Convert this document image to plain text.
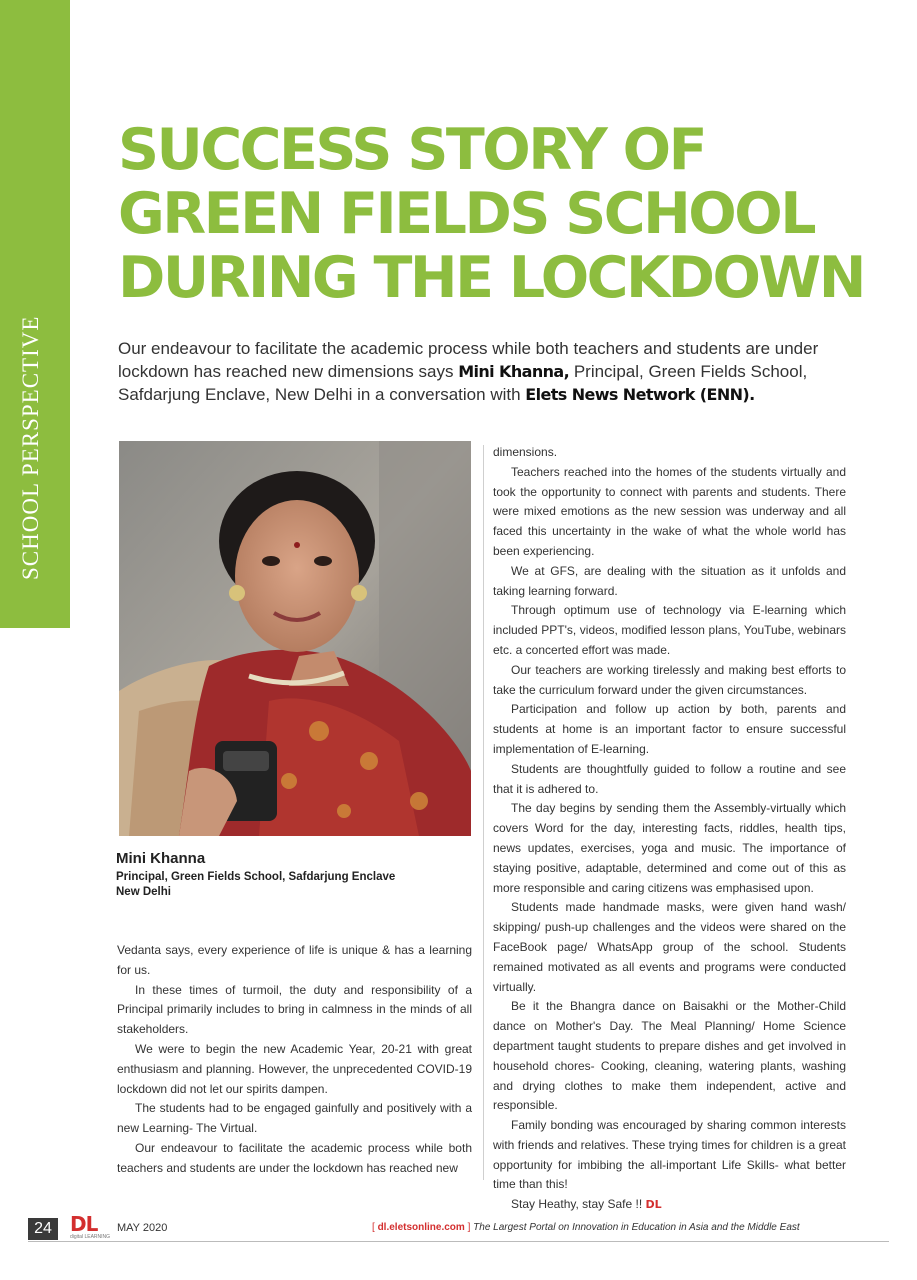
SCHOOL PERSPECTIVE
SUCCESS STORY OF
GREEN FIELDS SCHOOL
DURING THE LOCKDOWN

Our endeavour to facilitate the academic process while both teachers and students are under lockdown has reached new dimensions says Mini Khanna, Principal, Green Fields School, Safdarjung Enclave, New Delhi in a conversation with Elets News Network (ENN).

Mini Khanna
Principal, Green Fields School, Safdarjung Enclave
New Delhi

Vedanta says, every experience of life is unique & has a learning for us.

In these times of turmoil, the duty and responsibility of a Principal primarily includes to bring in calmness in the minds of all stakeholders.

We were to begin the new Academic Year, 20-21 with great enthusiasm and planning. However, the unprecedented COVID-19 lockdown did not let our spirits dampen.

The students had to be engaged gainfully and positively with a new Learning- The Virtual.

Our endeavour to facilitate the academic process while both teachers and students are under the lockdown has reached new

dimensions.

Teachers reached into the homes of the students virtually and took the opportunity to connect with parents and students. There were mixed emotions as the new session was underway and all faced this uncertainty in the wake of what the whole world has been experiencing.

We at GFS, are dealing with the situation as it unfolds and taking learning forward.

Through optimum use of technology via E-learning which included PPT's, videos, modified lesson plans, YouTube, webinars etc. a concerted effort was made.

Our teachers are working tirelessly and making best efforts to take the curriculum forward under the given circumstances.

Participation and follow up action by both, parents and students at home is an important factor to ensure successful implementation of E-learning.

Students are thoughtfully guided to follow a routine and see that it is adhered to.

The day begins by sending them the Assembly-virtually which covers Word for the day, interesting facts, riddles, health tips, news updates, exercises, yoga and music. The importance of staying positive, adaptable, determined and come out of this as more responsible and caring citizens was emphasised upon.

Students made handmade masks, were given hand wash/ skipping/ push-up challenges and the videos were shared on the FaceBook page/ WhatsApp group of the school. Students remained motivated as all events and programs were conducted virtually.

Be it the Bhangra dance on Baisakhi or the Mother-Child dance on Mother's Day. The Meal Planning/ Home Science department taught students to prepare dishes and get involved in household chores- Cooking, cleaning, watering plants, washing and drying clothes to make them independent, active and responsible.

Family bonding was encouraged by sharing common interests with friends and relatives. These trying times for children is a great opportunity for imbibing the all-important Life Skills- what better time than this!

Stay Heathy, stay Safe !! DL

24 DL
digital LEARNING
MAY 2020	[ dl.eletsonline.com ] The Largest Portal on Innovation in Education in Asia and the Middle East
